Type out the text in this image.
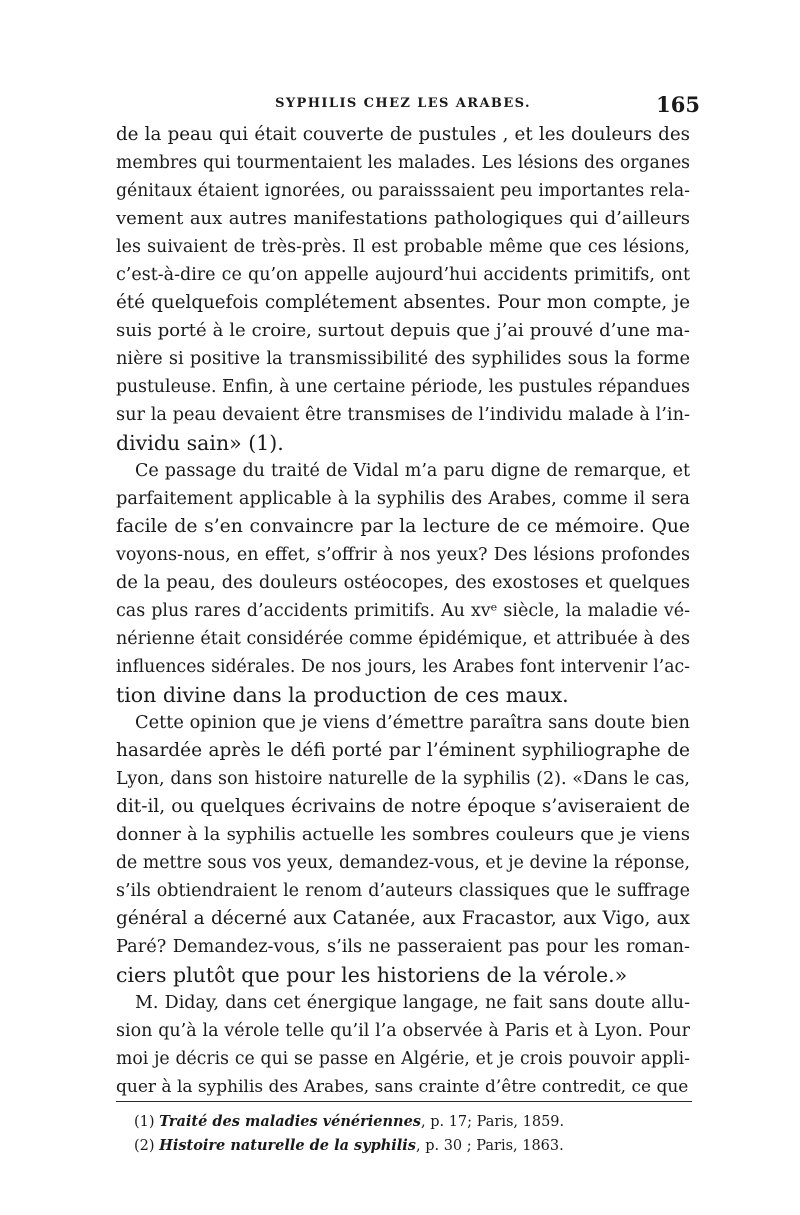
SYPHILIS CHEZ LES ARABES.	165
de la peau qui était couverte de pustules , et les douleurs des
membres qui tourmentaient les malades. Les lésions des organes
génitaux étaient ignorées, ou paraisssaient peu importantes rela-
vement aux autres manifestations pathologiques qui d’ailleurs
les suivaient de très-près. Il est probable même que ces lésions,
c’est-à-dire ce qu’on appelle aujourd’hui accidents primitifs, ont
été quelquefois complétement absentes. Pour mon compte, je
suis porté à le croire, surtout depuis que j’ai prouvé d’une ma-
nière si positive la transmissibilité des syphilides sous la forme
pustuleuse. Enfin, à une certaine période, les pustules répandues
sur la peau devaient être transmises de l’individu malade à l’in-
dividu sain» (1).
Ce passage du traité de Vidal m’a paru digne de remarque, et
parfaitement applicable à la syphilis des Arabes, comme il sera
facile de s’en convaincre par la lecture de ce mémoire. Que
voyons-nous, en effet, s’offrir à nos yeux? Des lésions profondes
de la peau, des douleurs ostéocopes, des exostoses et quelques
cas plus rares d’accidents primitifs. Au xvᵉ siècle, la maladie vé-
nérienne était considérée comme épidémique, et attribuée à des
influences sidérales. De nos jours, les Arabes font intervenir l’ac-
tion divine dans la production de ces maux.
Cette opinion que je viens d’émettre paraîtra sans doute bien
hasardée après le défi porté par l’éminent syphiliographe de
Lyon, dans son histoire naturelle de la syphilis (2). «Dans le cas,
dit-il, ou quelques écrivains de notre époque s’aviseraient de
donner à la syphilis actuelle les sombres couleurs que je viens
de mettre sous vos yeux, demandez-vous, et je devine la réponse,
s’ils obtiendraient le renom d’auteurs classiques que le suffrage
général a décerné aux Catanée, aux Fracastor, aux Vigo, aux
Paré? Demandez-vous, s’ils ne passeraient pas pour les roman-
ciers plutôt que pour les historiens de la vérole.»
M. Diday, dans cet énergique langage, ne fait sans doute allu-
sion qu’à la vérole telle qu’il l’a observée à Paris et à Lyon. Pour
moi je décris ce qui se passe en Algérie, et je crois pouvoir appli-
quer à la syphilis des Arabes, sans crainte d’être contredit, ce que
(1) Traité des maladies vénériennes, p. 17; Paris, 1859.
(2) Histoire naturelle de la syphilis, p. 30 ; Paris, 1863.
